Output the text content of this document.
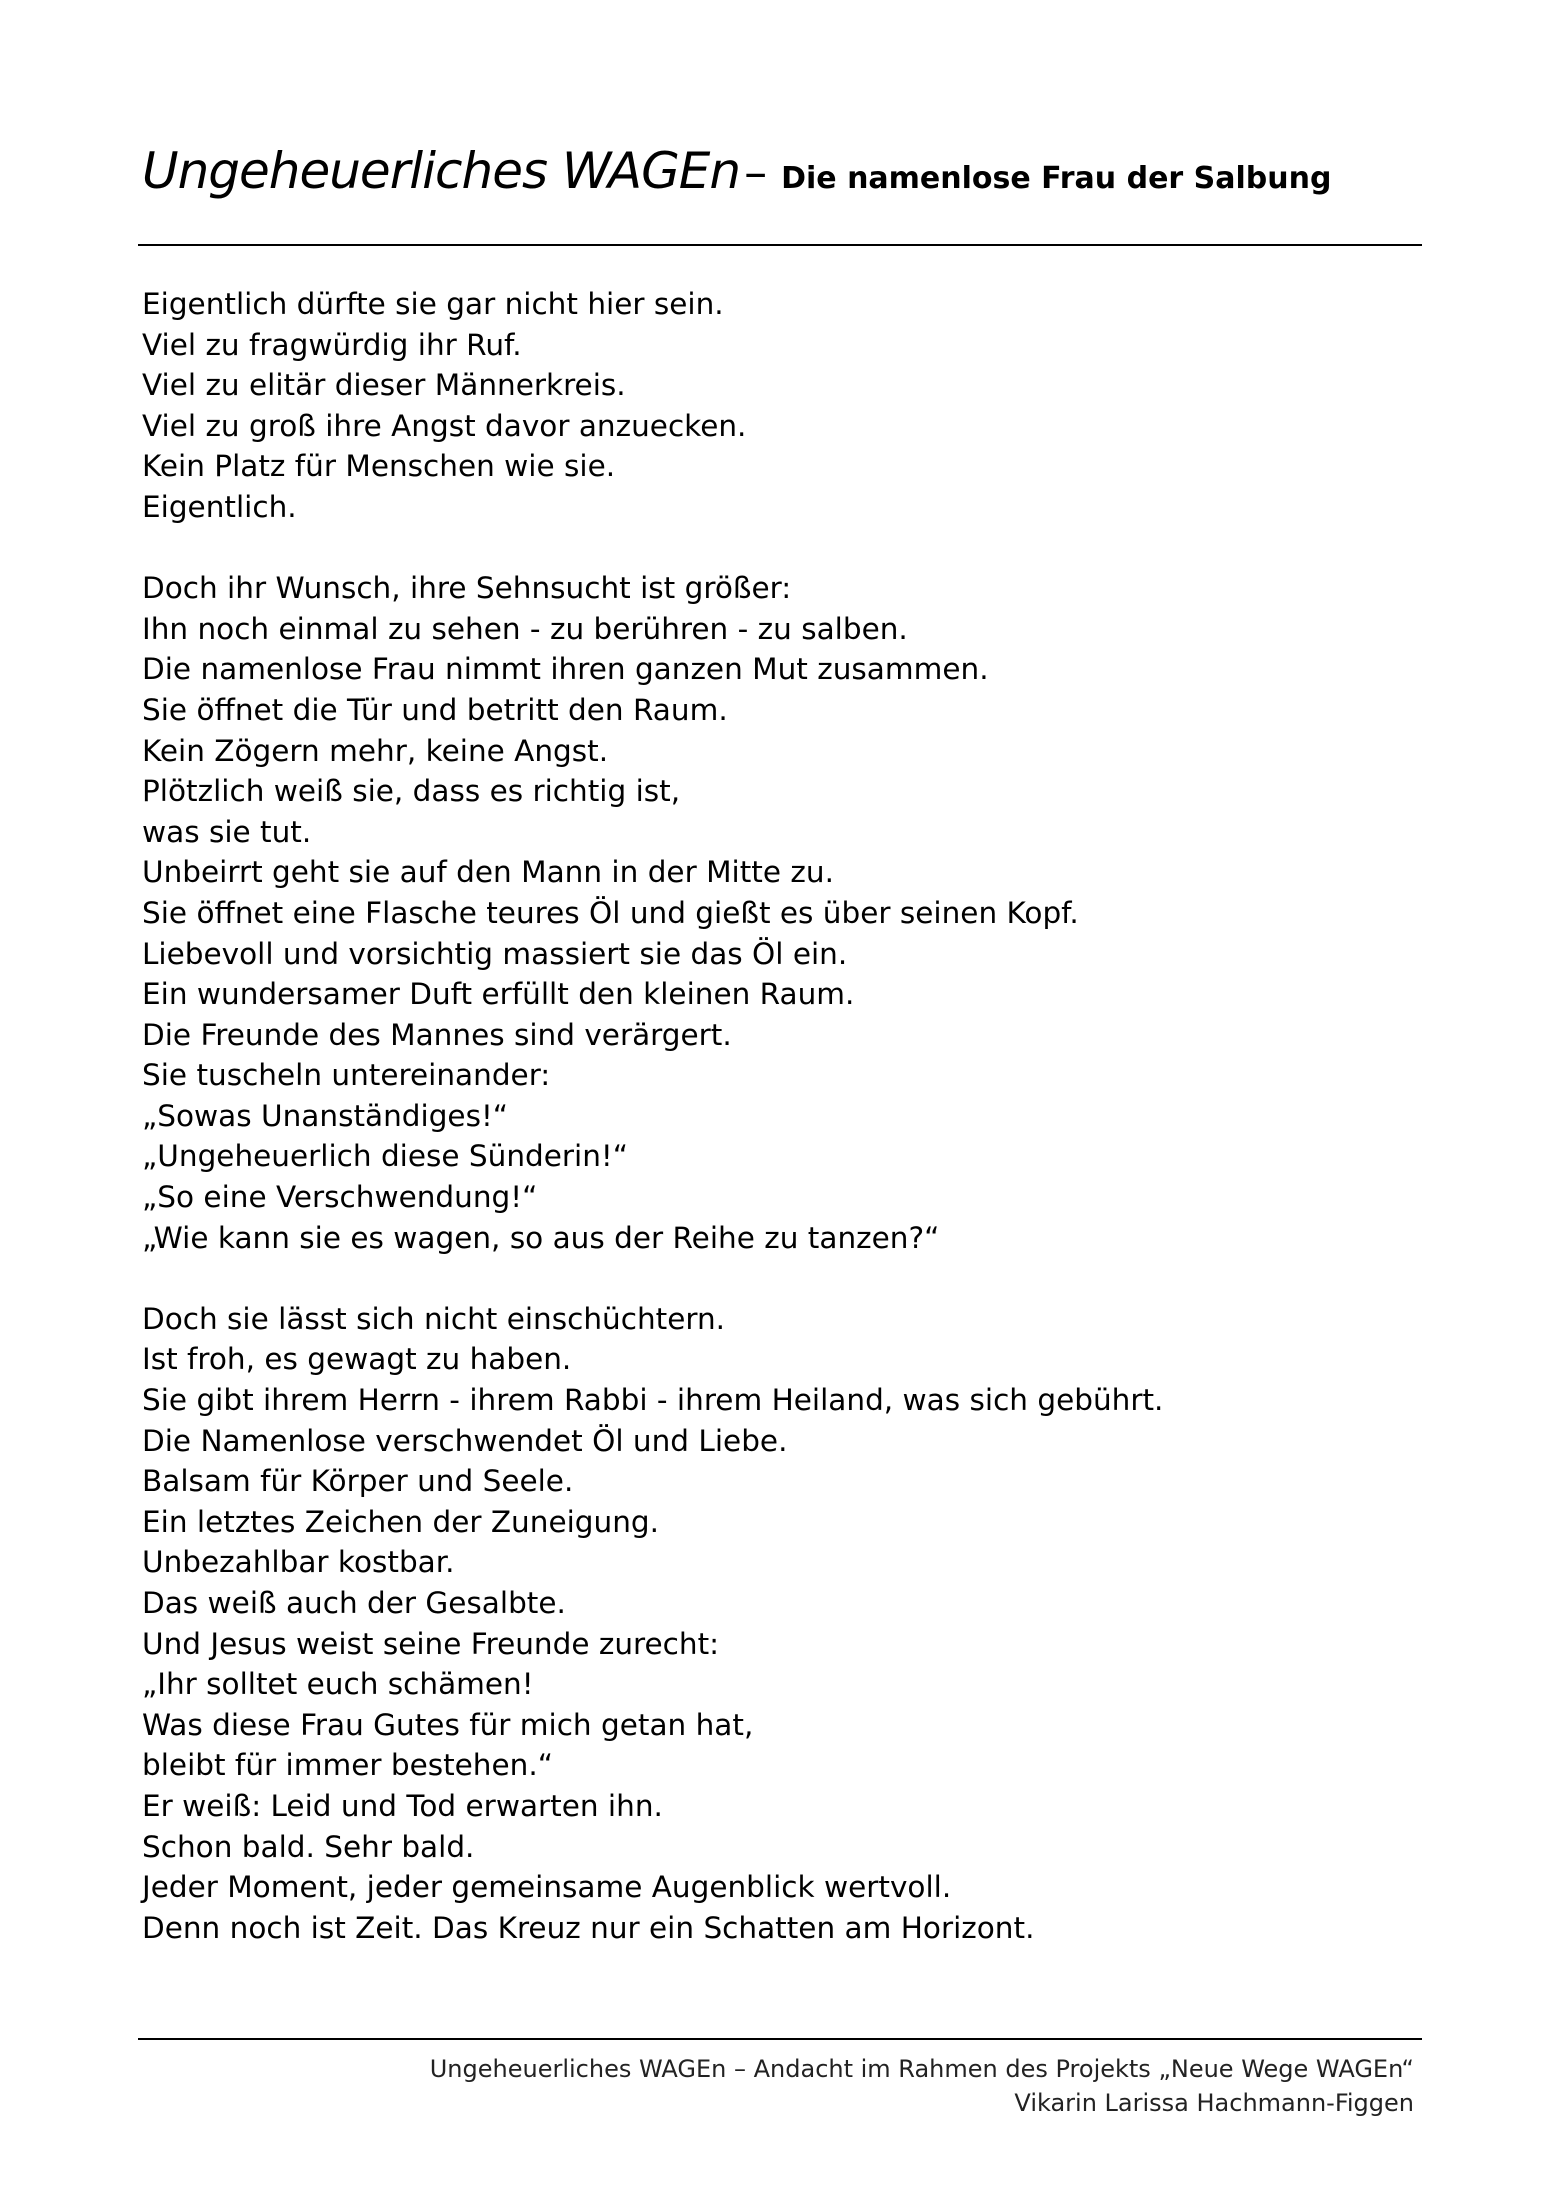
Ungeheuerliches WAGEn – Die namenlose Frau der Salbung
Eigentlich dürfte sie gar nicht hier sein.
Viel zu fragwürdig ihr Ruf.
Viel zu elitär dieser Männerkreis.
Viel zu groß ihre Angst davor anzuecken.
Kein Platz für Menschen wie sie.
Eigentlich.
Doch ihr Wunsch, ihre Sehnsucht ist größer:
Ihn noch einmal zu sehen - zu berühren - zu salben.
Die namenlose Frau nimmt ihren ganzen Mut zusammen.
Sie öffnet die Tür und betritt den Raum.
Kein Zögern mehr, keine Angst.
Plötzlich weiß sie, dass es richtig ist,
was sie tut.
Unbeirrt geht sie auf den Mann in der Mitte zu.
Sie öffnet eine Flasche teures Öl und gießt es über seinen Kopf.
Liebevoll und vorsichtig massiert sie das Öl ein.
Ein wundersamer Duft erfüllt den kleinen Raum.
Die Freunde des Mannes sind verärgert.
Sie tuscheln untereinander:
„Sowas Unanständiges!“
„Ungeheuerlich diese Sünderin!“
„So eine Verschwendung!“
„Wie kann sie es wagen, so aus der Reihe zu tanzen?“
Doch sie lässt sich nicht einschüchtern.
Ist froh, es gewagt zu haben.
Sie gibt ihrem Herrn - ihrem Rabbi - ihrem Heiland, was sich gebührt.
Die Namenlose verschwendet Öl und Liebe.
Balsam für Körper und Seele.
Ein letztes Zeichen der Zuneigung.
Unbezahlbar kostbar.
Das weiß auch der Gesalbte.
Und Jesus weist seine Freunde zurecht:
„Ihr solltet euch schämen!
Was diese Frau Gutes für mich getan hat,
bleibt für immer bestehen.“
Er weiß: Leid und Tod erwarten ihn.
Schon bald. Sehr bald.
Jeder Moment, jeder gemeinsame Augenblick wertvoll.
Denn noch ist Zeit. Das Kreuz nur ein Schatten am Horizont.
Ungeheuerliches WAGEn – Andacht im Rahmen des Projekts „Neue Wege WAGEn“
Vikarin Larissa Hachmann-Figgen
